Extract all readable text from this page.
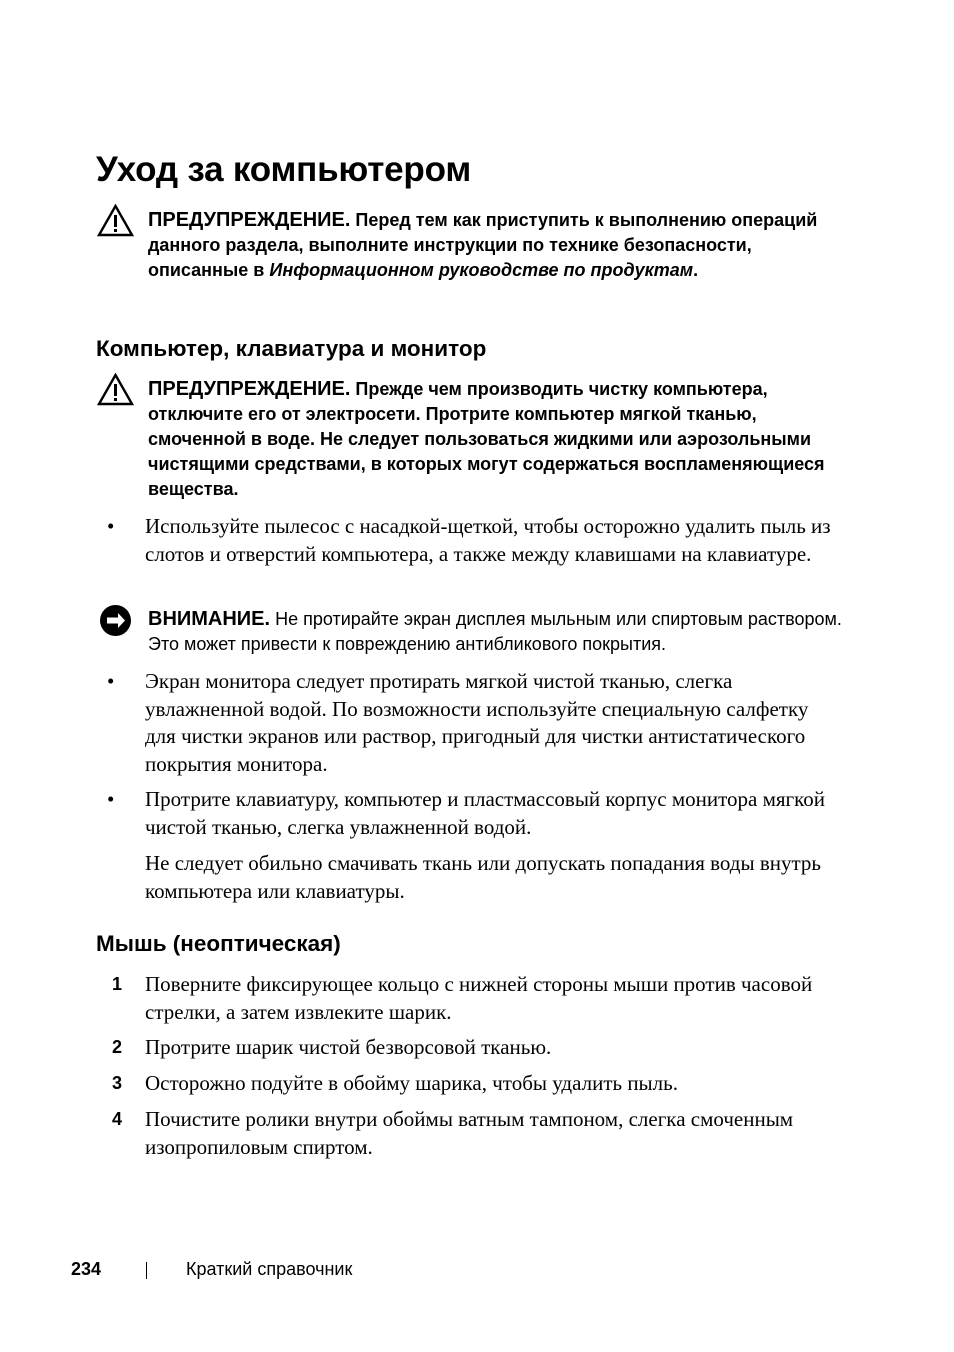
Уход за компьютером

ПРЕДУПРЕЖДЕНИЕ. Перед тем как приступить к выполнению операций данного раздела, выполните инструкции по технике безопасности, описанные в Информационном руководстве по продуктам.

Компьютер, клавиатура и монитор

ПРЕДУПРЕЖДЕНИЕ. Прежде чем производить чистку компьютера, отключите его от электросети. Протрите компьютер мягкой тканью, смоченной в воде. Не следует пользоваться жидкими или аэрозольными чистящими средствами, в которых могут содержаться воспламеняющиеся вещества.

• Используйте пылесос с насадкой-щеткой, чтобы осторожно удалить пыль из слотов и отверстий компьютера, а также между клавишами на клавиатуре.

ВНИМАНИЕ. Не протирайте экран дисплея мыльным или спиртовым раствором. Это может привести к повреждению антибликового покрытия.

• Экран монитора следует протирать мягкой чистой тканью, слегка увлажненной водой. По возможности используйте специальную салфетку для чистки экранов или раствор, пригодный для чистки антистатического покрытия монитора.

• Протрите клавиатуру, компьютер и пластмассовый корпус монитора мягкой чистой тканью, слегка увлажненной водой.

Не следует обильно смачивать ткань или допускать попадания воды внутрь компьютера или клавиатуры.

Мышь (неоптическая)
1 Поверните фиксирующее кольцо с нижней стороны мыши против часовой стрелки, а затем извлеките шарик.

2 Протрите шарик чистой безворсовой тканью.

3 Осторожно подуйте в обойму шарика, чтобы удалить пыль.

4 Почистите ролики внутри обоймы ватным тампоном, слегка смоченным изопропиловым спиртом.

234	Краткий справочник
